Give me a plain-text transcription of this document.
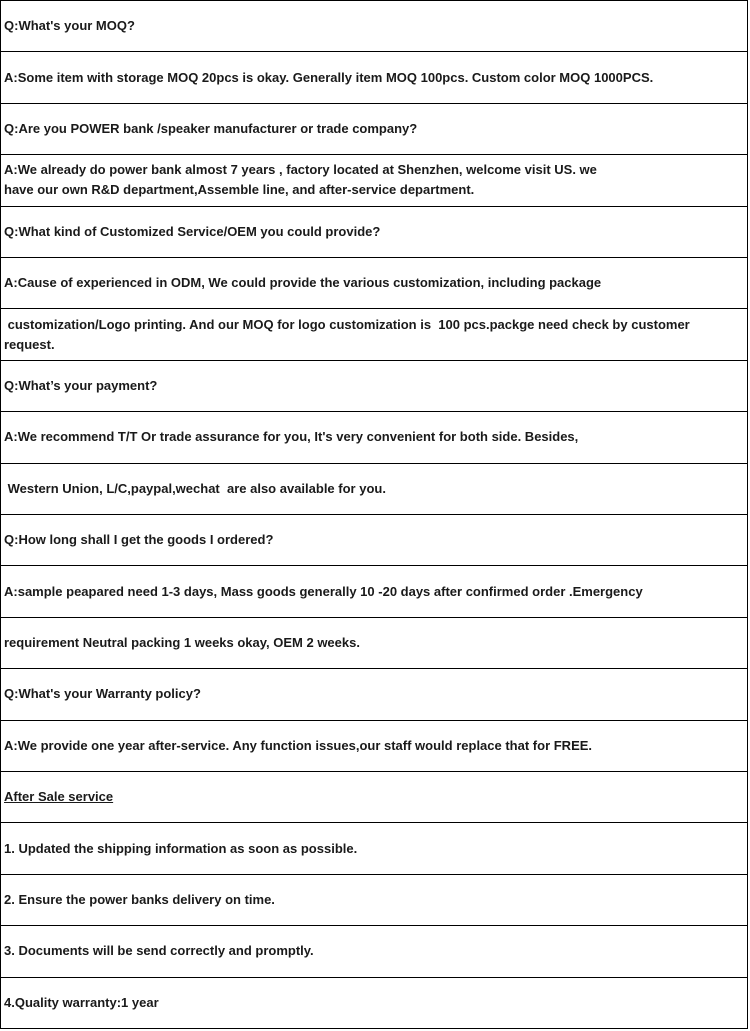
Q:What's your MOQ?
A:Some item with storage MOQ 20pcs is okay. Generally item MOQ 100pcs. Custom color MOQ 1000PCS.
Q:Are you POWER bank /speaker manufacturer or trade company?
A:We already do power bank almost 7 years , factory located at Shenzhen, welcome visit US. we
have our own R&D department,Assemble line, and after-service department.
Q:What kind of Customized Service/OEM you could provide?
A:Cause of experienced in ODM, We could provide the various customization, including package
customization/Logo printing. And our MOQ for logo customization is  100 pcs.packge need check by customer
request.
Q:What’s your payment?
A:We recommend T/T Or trade assurance for you, It's very convenient for both side. Besides,
Western Union, L/C,paypal,wechat  are also available for you.
Q:How long shall I get the goods I ordered?
A:sample peapared need 1-3 days, Mass goods generally 10 -20 days after confirmed order .Emergency
requirement Neutral packing 1 weeks okay, OEM 2 weeks.
Q:What's your Warranty policy?
A:We provide one year after-service. Any function issues,our staff would replace that for FREE.
After Sale service
1. Updated the shipping information as soon as possible.
2. Ensure the power banks delivery on time.
3. Documents will be send correctly and promptly.
4.Quality warranty:1 year
